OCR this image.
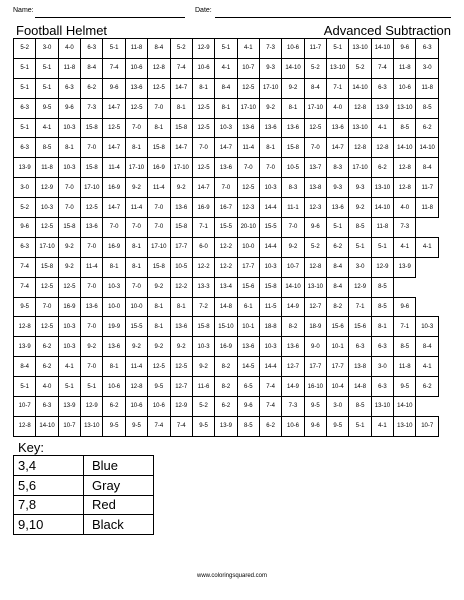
Name:	Date:
Football Helmet	Advanced Subtraction
5-2	3-0	4-0	6-3	5-1	11-8	8-4	5-2	12-9	5-1	4-1	7-3	10-6	11-7	5-1	13-10	14-10	9-6	6-3
5-1	5-1	11-8	8-4	7-4	10-6	12-8	7-4	10-6	4-1	10-7	9-3	14-10	5-2	13-10	5-2	7-4	11-8	3-0
5-1	5-1	6-3	6-2	9-6	13-6	12-5	14-7	8-1	8-4	12-5	17-10	9-2	8-4	7-1	14-10	6-3	10-6	11-8
6-3	9-5	9-6	7-3	14-7	12-5	7-0	8-1	12-5	8-1	17-10	9-2	8-1	17-10	4-0	12-8	13-9	13-10	8-5
5-1	4-1	10-3	15-8	12-5	7-0	8-1	15-8	12-5	10-3	13-6	13-6	13-6	12-5	13-6	13-10	4-1	8-5	6-2
6-3	8-5	8-1	7-0	14-7	8-1	15-8	14-7	7-0	14-7	11-4	8-1	15-8	7-0	14-7	12-8	12-8	14-10	14-10
13-9	11-8	10-3	15-8	11-4	17-10	16-9	17-10	12-5	13-6	7-0	7-0	10-5	13-7	8-3	17-10	6-2	12-8	8-4
3-0	12-9	7-0	17-10	16-9	9-2	11-4	9-2	14-7	7-0	12-5	10-3	8-3	13-8	9-3	9-3	13-10	12-8	11-7
5-2	10-3	7-0	12-5	14-7	11-4	7-0	13-6	16-9	16-7	12-3	14-4	11-1	12-3	13-6	9-2	14-10	4-0	11-8
9-6	12-5	15-8	13-6	7-0	7-0	7-0	15-8	7-1	15-5	20-10	15-5	7-0	9-6	5-1	8-5	11-8	7-3	
6-3	17-10	9-2	7-0	16-9	8-1	17-10	17-7	6-0	12-2	10-0	14-4	9-2	5-2	6-2	5-1	5-1	4-1	4-1
7-4	15-8	9-2	11-4	8-1	8-1	15-8	10-5	12-2	12-2	17-7	10-3	10-7	12-8	8-4	3-0	12-9	13-9	
7-4	12-5	12-5	7-0	10-3	7-0	9-2	12-2	13-3	13-4	15-6	15-8	14-10	13-10	8-4	12-9	8-5		
9-5	7-0	16-9	13-6	10-0	10-0	8-1	8-1	7-2	14-8	6-1	11-5	14-9	12-7	8-2	7-1	8-5	9-6	
12-8	12-5	10-3	7-0	19-9	15-5	8-1	13-6	15-8	15-10	10-1	18-8	8-2	18-9	15-6	15-6	8-1	7-1	10-3
13-9	6-2	10-3	9-2	13-6	9-2	9-2	9-2	10-3	16-9	13-6	10-3	13-6	9-0	10-1	6-3	6-3	8-5	8-4
8-4	6-2	4-1	7-0	8-1	11-4	12-5	12-5	9-2	8-2	14-5	14-4	12-7	17-7	17-7	13-8	3-0	11-8	4-1
5-1	4-0	5-1	5-1	10-6	12-8	9-5	12-7	11-6	8-2	6-5	7-4	14-9	16-10	10-4	14-8	6-3	9-5	6-2
10-7	6-3	13-9	12-9	6-2	10-6	10-6	12-9	5-2	6-2	9-6	7-4	7-3	9-5	3-0	8-5	13-10	14-10	
12-8	14-10	10-7	13-10	9-5	9-5	7-4	7-4	9-5	13-9	8-5	6-2	10-6	9-6	9-5	5-1	4-1	13-10	10-7
Key:
3,4	Blue
5,6	Gray
7,8	Red
9,10	Black
www.coloringsquared.com
